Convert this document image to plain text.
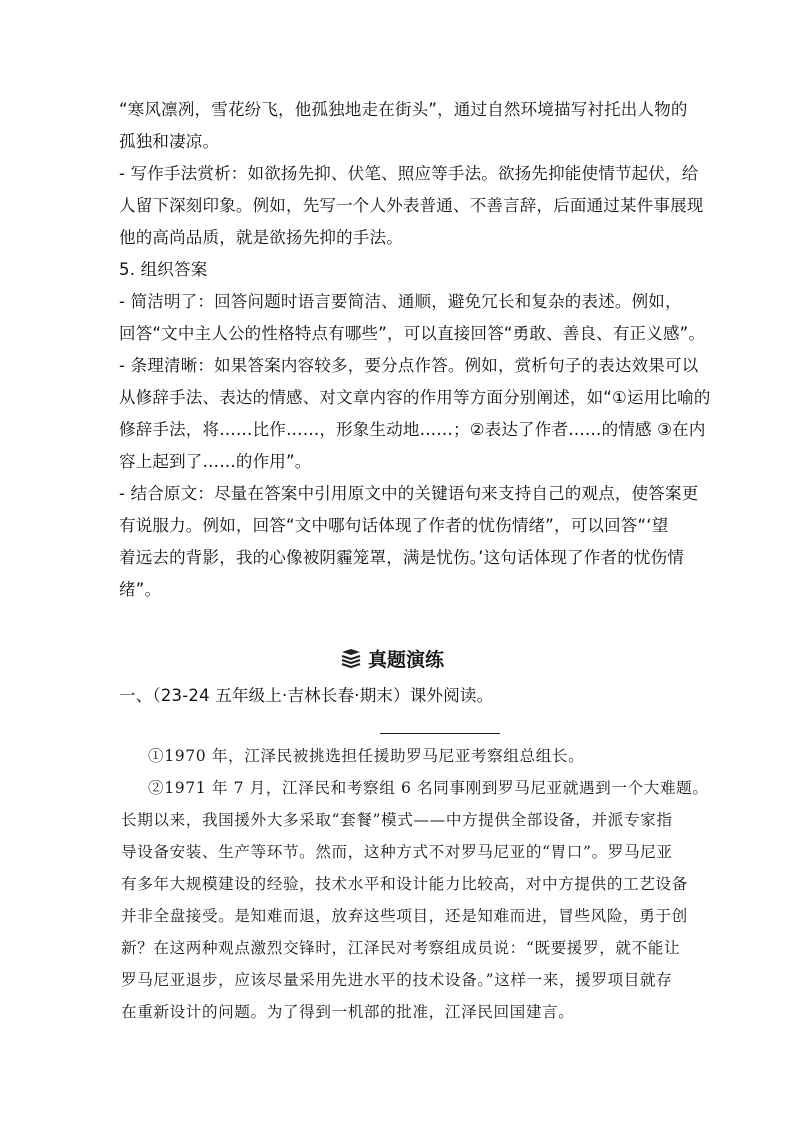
“寒风凛冽，雪花纷飞，他孤独地走在街头”，通过自然环境描写衬托出人物的
孤独和凄凉。
- 写作手法赏析：如欲扬先抑、伏笔、照应等手法。欲扬先抑能使情节起伏，给
人留下深刻印象。例如，先写一个人外表普通、不善言辞，后面通过某件事展现
他的高尚品质，就是欲扬先抑的手法。
5. 组织答案
- 简洁明了：回答问题时语言要简洁、通顺，避免冗长和复杂的表述。例如，
回答“文中主人公的性格特点有哪些”，可以直接回答“勇敢、善良、有正义感”。
- 条理清晰：如果答案内容较多，要分点作答。例如，赏析句子的表达效果可以
从修辞手法、表达的情感、对文章内容的作用等方面分别阐述，如“①运用比喻的
修辞手法，将……比作……，形象生动地……；②表达了作者……的情感 ③在内
容上起到了……的作用”。
- 结合原文：尽量在答案中引用原文中的关键语句来支持自己的观点，使答案更
有说服力。例如，回答“文中哪句话体现了作者的忧伤情绪”，可以回答“‘望
着远去的背影，我的心像被阴霾笼罩，满是忧伤。’这句话体现了作者的忧伤情
绪”。
真题演练
一、（23-24 五年级上·吉林长春·期末）课外阅读。
①1970 年，江泽民被挑选担任援助罗马尼亚考察组总组长。
②1971 年 7 月，江泽民和考察组 6 名同事刚到罗马尼亚就遇到一个大难题。
长期以来，我国援外大多采取“套餐”模式——中方提供全部设备，并派专家指
导设备安装、生产等环节。然而，这种方式不对罗马尼亚的“胃口”。罗马尼亚
有多年大规模建设的经验，技术水平和设计能力比较高，对中方提供的工艺设备
并非全盘接受。是知难而退，放弃这些项目，还是知难而进，冒些风险，勇于创
新？在这两种观点激烈交锋时，江泽民对考察组成员说：“既要援罗，就不能让
罗马尼亚退步，应该尽量采用先进水平的技术设备。”这样一来，援罗项目就存
在重新设计的问题。为了得到一机部的批准，江泽民回国建言。
